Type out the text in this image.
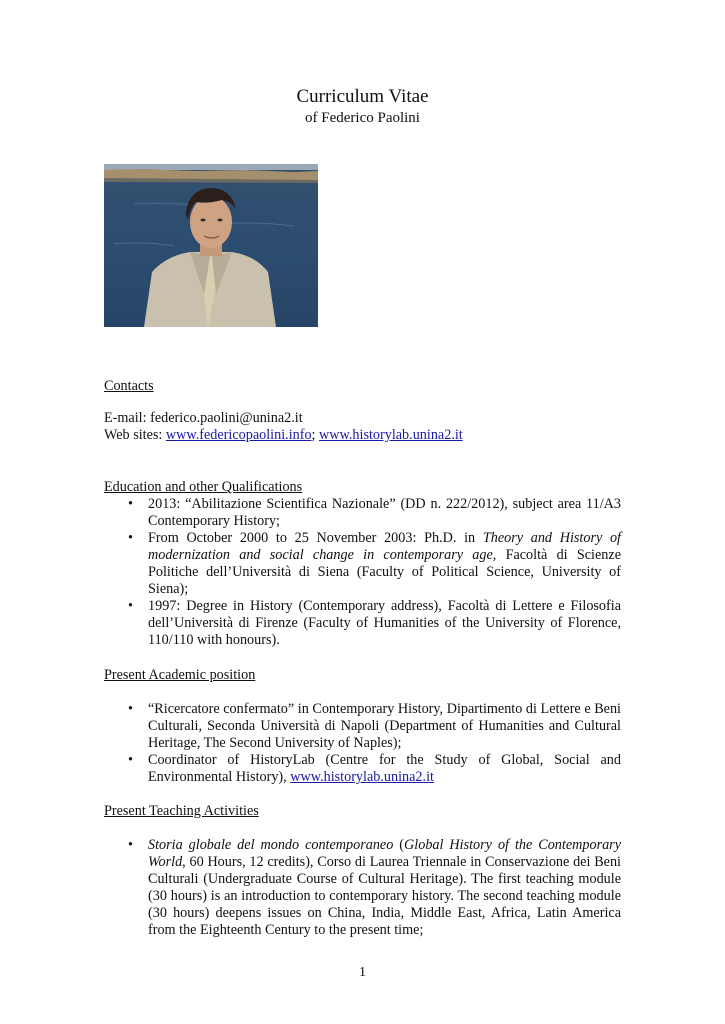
Curriculum Vitae
of Federico Paolini
Contacts
E-mail: federico.paolini@unina2.it
Web sites: www.federicopaolini.info; www.historylab.unina2.it
Education and other Qualifications
• 2013: “Abilitazione Scientifica Nazionale” (DD n. 222/2012), subject area 11/A3 Contemporary History;
• From October 2000 to 25 November 2003: Ph.D. in Theory and History of modernization and social change in contemporary age, Facoltà di Scienze Politiche dell’Università di Siena (Faculty of Political Science, University of Siena);
• 1997: Degree in History (Contemporary address), Facoltà di Lettere e Filosofia dell’Università di Firenze (Faculty of Humanities of the University of Florence, 110/110 with honours).
Present Academic position
• “Ricercatore confermato” in Contemporary History, Dipartimento di Lettere e Beni Culturali, Seconda Università di Napoli (Department of Humanities and Cultural Heritage, The Second University of Naples);
• Coordinator of HistoryLab (Centre for the Study of Global, Social and Environmental History), www.historylab.unina2.it
Present Teaching Activities
• Storia globale del mondo contemporaneo (Global History of the Contemporary World, 60 Hours, 12 credits), Corso di Laurea Triennale in Conservazione dei Beni Culturali (Undergraduate Course of Cultural Heritage). The first teaching module (30 hours) is an introduction to contemporary history. The second teaching module (30 hours) deepens issues on China, India, Middle East, Africa, Latin America from the Eighteenth Century to the present time;
1
